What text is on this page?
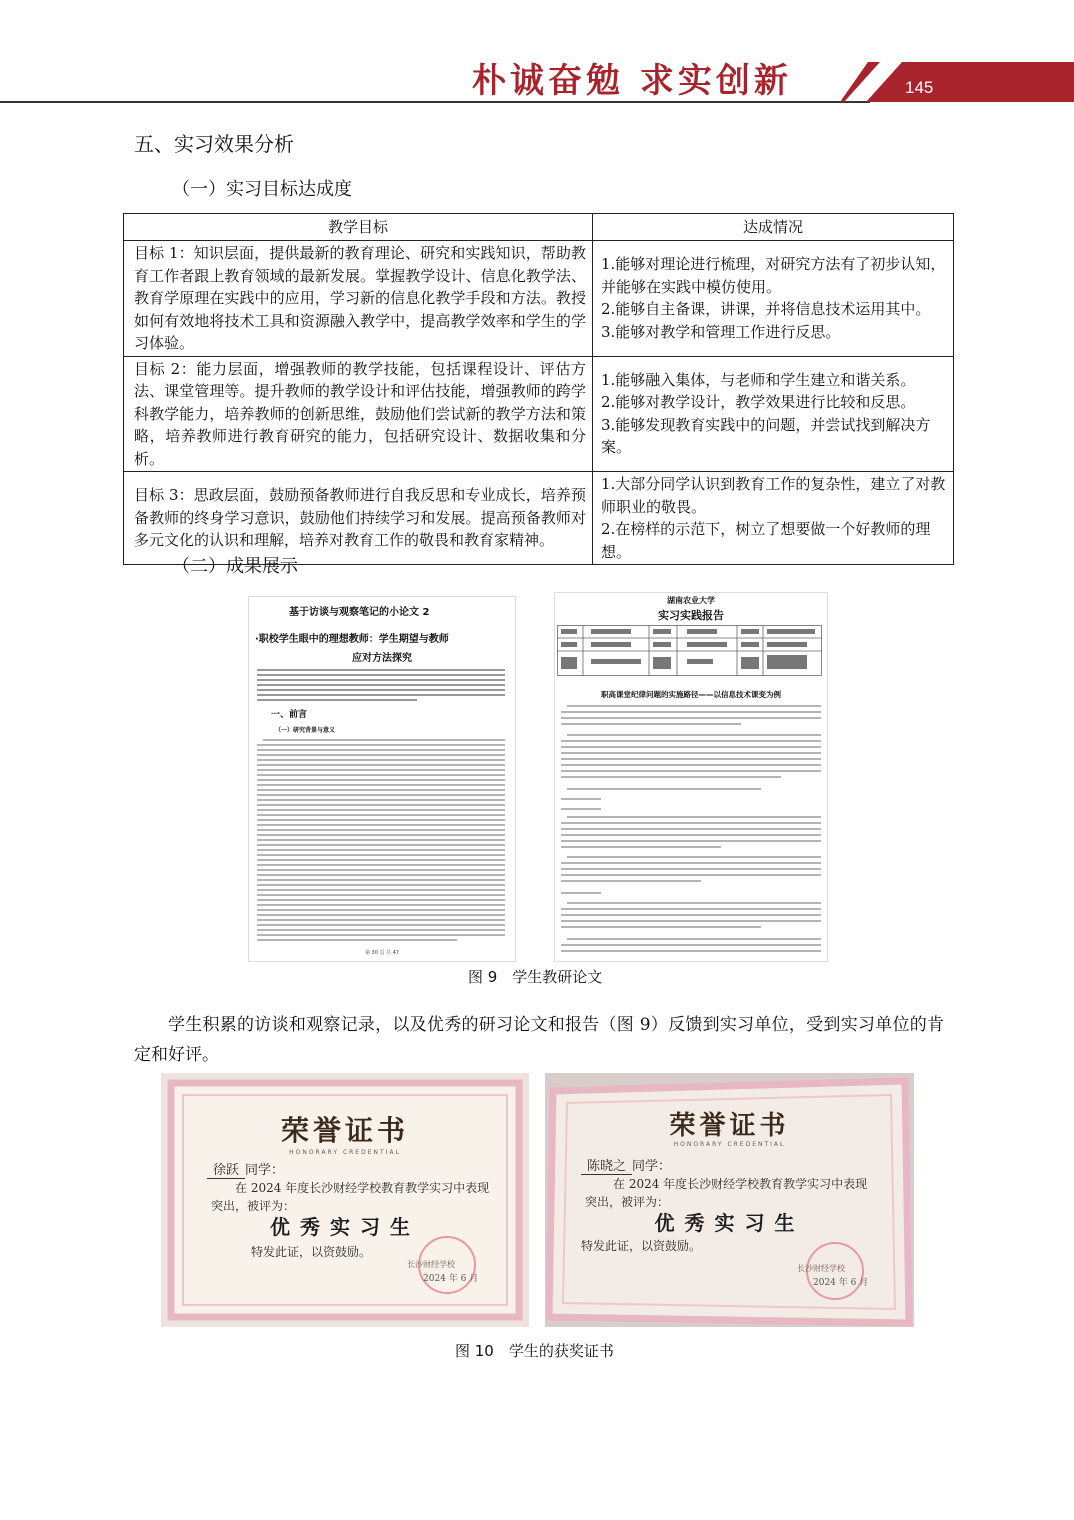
朴诚奋勉 求实创新	145
五、实习效果分析
（一）实习目标达成度
教学目标	达成情况
目标 1：知识层面，提供最新的教育理论、研究和实践知识，帮助教育工作者跟上教育领域的最新发展。掌握教学设计、信息化教学法、教育学原理在实践中的应用，学习新的信息化教学手段和方法。教授如何有效地将技术工具和资源融入教学中，提高教学效率和学生的学习体验。	1.能够对理论进行梳理，对研究方法有了初步认知，并能够在实践中模仿使用。
2.能够自主备课，讲课，并将信息技术运用其中。
3.能够对教学和管理工作进行反思。

目标 2：能力层面，增强教师的教学技能，包括课程设计、评估方法、课堂管理等。提升教师的教学设计和评估技能，增强教师的跨学科教学能力，培养教师的创新思维，鼓励他们尝试新的教学方法和策略，培养教师进行教育研究的能力，包括研究设计、数据收集和分析。	1.能够融入集体，与老师和学生建立和谐关系。
2.能够对教学设计，教学效果进行比较和反思。
3.能够发现教育实践中的问题，并尝试找到解决方案。

目标 3：思政层面，鼓励预备教师进行自我反思和专业成长，培养预备教师的终身学习意识，鼓励他们持续学习和发展。提高预备教师对多元文化的认识和理解，培养对教育工作的敬畏和教育家精神。	1.大部分同学认识到教育工作的复杂性，建立了对教师职业的敬畏。
2.在榜样的示范下，树立了想要做一个好教师的理想。
（二）成果展示
基于访谈与观察笔记的小论文 2
·职校学生眼中的理想教师：学生期望与教师
应对方法探究
一、前言
（一）研究背景与意义
第 30 页 共 47
湖南农业大学
实习实践报告
职高课堂纪律问题的实施路径——以信息技术课变为例
图 9　学生教研论文
学生积累的访谈和观察记录，以及优秀的研习论文和报告（图 9）反馈到实习单位，受到实习单位的肯定和好评。
荣誉证书
HONORARY CREDENTIAL
徐跃 同学：
在 2024 年度长沙财经学校教育教学实习中表现
突出，被评为：
优秀实习生
特发此证，以资鼓励。
长沙财经学校
2024 年 6 月
荣誉证书
HONORARY CREDENTIAL
陈晓之 同学：
在 2024 年度长沙财经学校教育教学实习中表现
突出，被评为：
优秀实习生
特发此证，以资鼓励。
长沙财经学校
2024 年 6 月
图 10　学生的获奖证书
